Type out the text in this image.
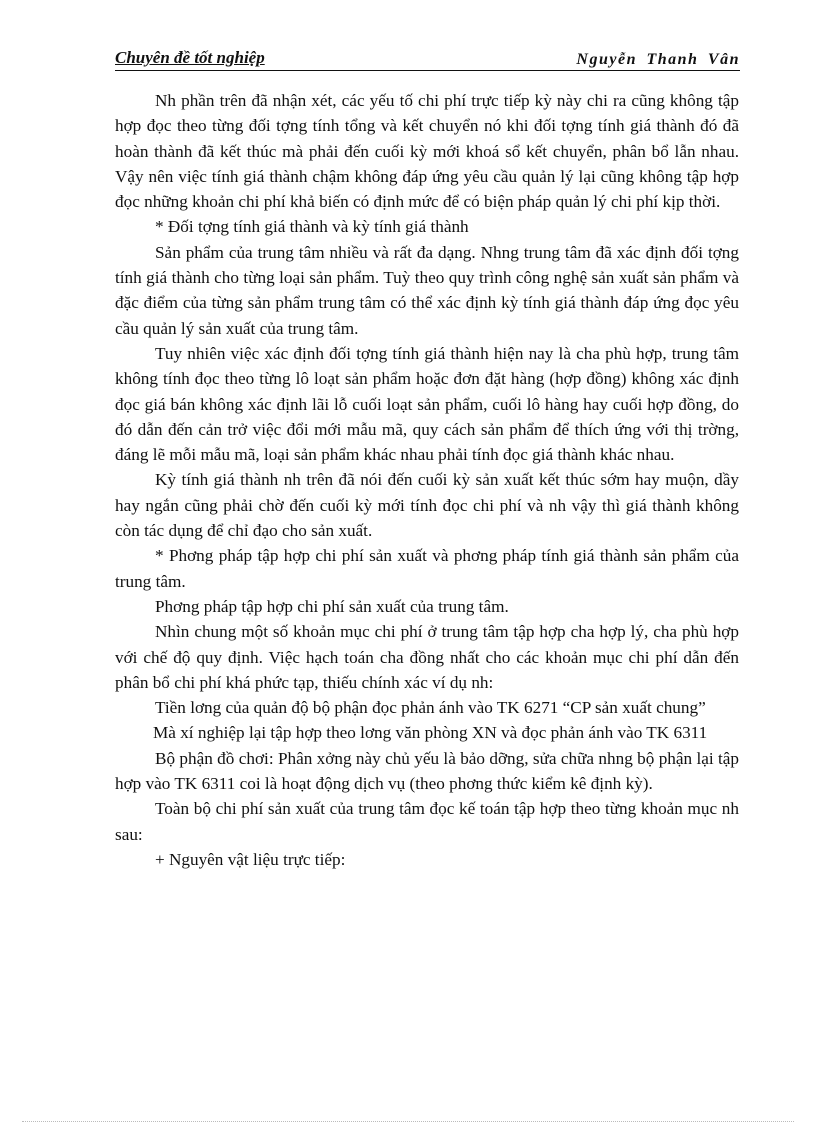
Chuyên đề tốt nghiệp	Nguyễn Thanh Vân

Nh phần trên đã nhận xét, các yếu tố chi phí trực tiếp kỳ này chi ra cũng không tập hợp đọc theo từng đối tợng tính tổng và kết chuyển nó khi đối tợng tính giá thành đó đã hoàn thành đã kết thúc mà phải đến cuối kỳ mới khoá sổ kết chuyển, phân bổ lẫn nhau. Vậy nên việc tính giá thành chậm không đáp ứng yêu cầu quản lý lại cũng không tập hợp đọc những khoản chi phí khả biến có định mức để có biện pháp quản lý chi phí kịp thời.

* Đối tợng tính giá thành và kỳ tính giá thành

Sản phẩm của trung tâm nhiều và rất đa dạng. Nhng trung tâm đã xác định đối tợng tính giá thành cho từng loại sản phẩm. Tuỳ theo quy trình công nghệ sản xuất sản phẩm và đặc điểm của từng sản phẩm trung tâm có thể xác định kỳ tính giá thành đáp ứng đọc yêu cầu quản lý sản xuất của trung tâm.

Tuy nhiên việc xác định đối tợng tính giá thành hiện nay là cha phù hợp, trung tâm không tính đọc theo từng lô loạt sản phẩm hoặc đơn đặt hàng (hợp đồng) không xác định đọc giá bán không xác định lãi lỗ cuối loạt sản phẩm, cuối lô hàng hay cuối hợp đồng, do đó dẫn đến cản trở việc đổi mới mẫu mã, quy cách sản phẩm để thích ứng với thị trờng, đáng lẽ mỗi mẫu mã, loại sản phẩm khác nhau phải tính đọc giá thành khác nhau.

Kỳ tính giá thành nh trên đã nói đến cuối kỳ sản xuất kết thúc sớm hay muộn, dầy hay ngắn cũng phải chờ đến cuối kỳ mới tính đọc chi phí và nh vậy thì giá thành không còn tác dụng để chỉ đạo cho sản xuất.

* Phơng pháp tập hợp chi phí sản xuất và phơng pháp tính giá thành sản phẩm của trung tâm.

Phơng pháp tập hợp chi phí sản xuất của trung tâm.

Nhìn chung một số khoản mục chi phí ở trung tâm tập hợp cha hợp lý, cha phù hợp với chế độ quy định. Việc hạch toán cha đồng nhất cho các khoản mục chi phí dẫn đến phân bổ chi phí khá phức tạp, thiếu chính xác ví dụ nh:

Tiền lơng của quản độ bộ phận đọc phản ánh vào TK 6271 “CP sản xuất chung”

Mà xí nghiệp lại tập hợp theo lơng văn phòng XN và đọc phản ánh vào TK 6311

Bộ phận đồ chơi: Phân xởng này chủ yếu là bảo dỡng, sửa chữa nhng bộ phận lại tập hợp vào TK 6311 coi là hoạt động dịch vụ (theo phơng thức kiểm kê định kỳ).

Toàn bộ chi phí sản xuất của trung tâm đọc kế toán tập hợp theo từng khoản mục nh sau:

+ Nguyên vật liệu trực tiếp:
